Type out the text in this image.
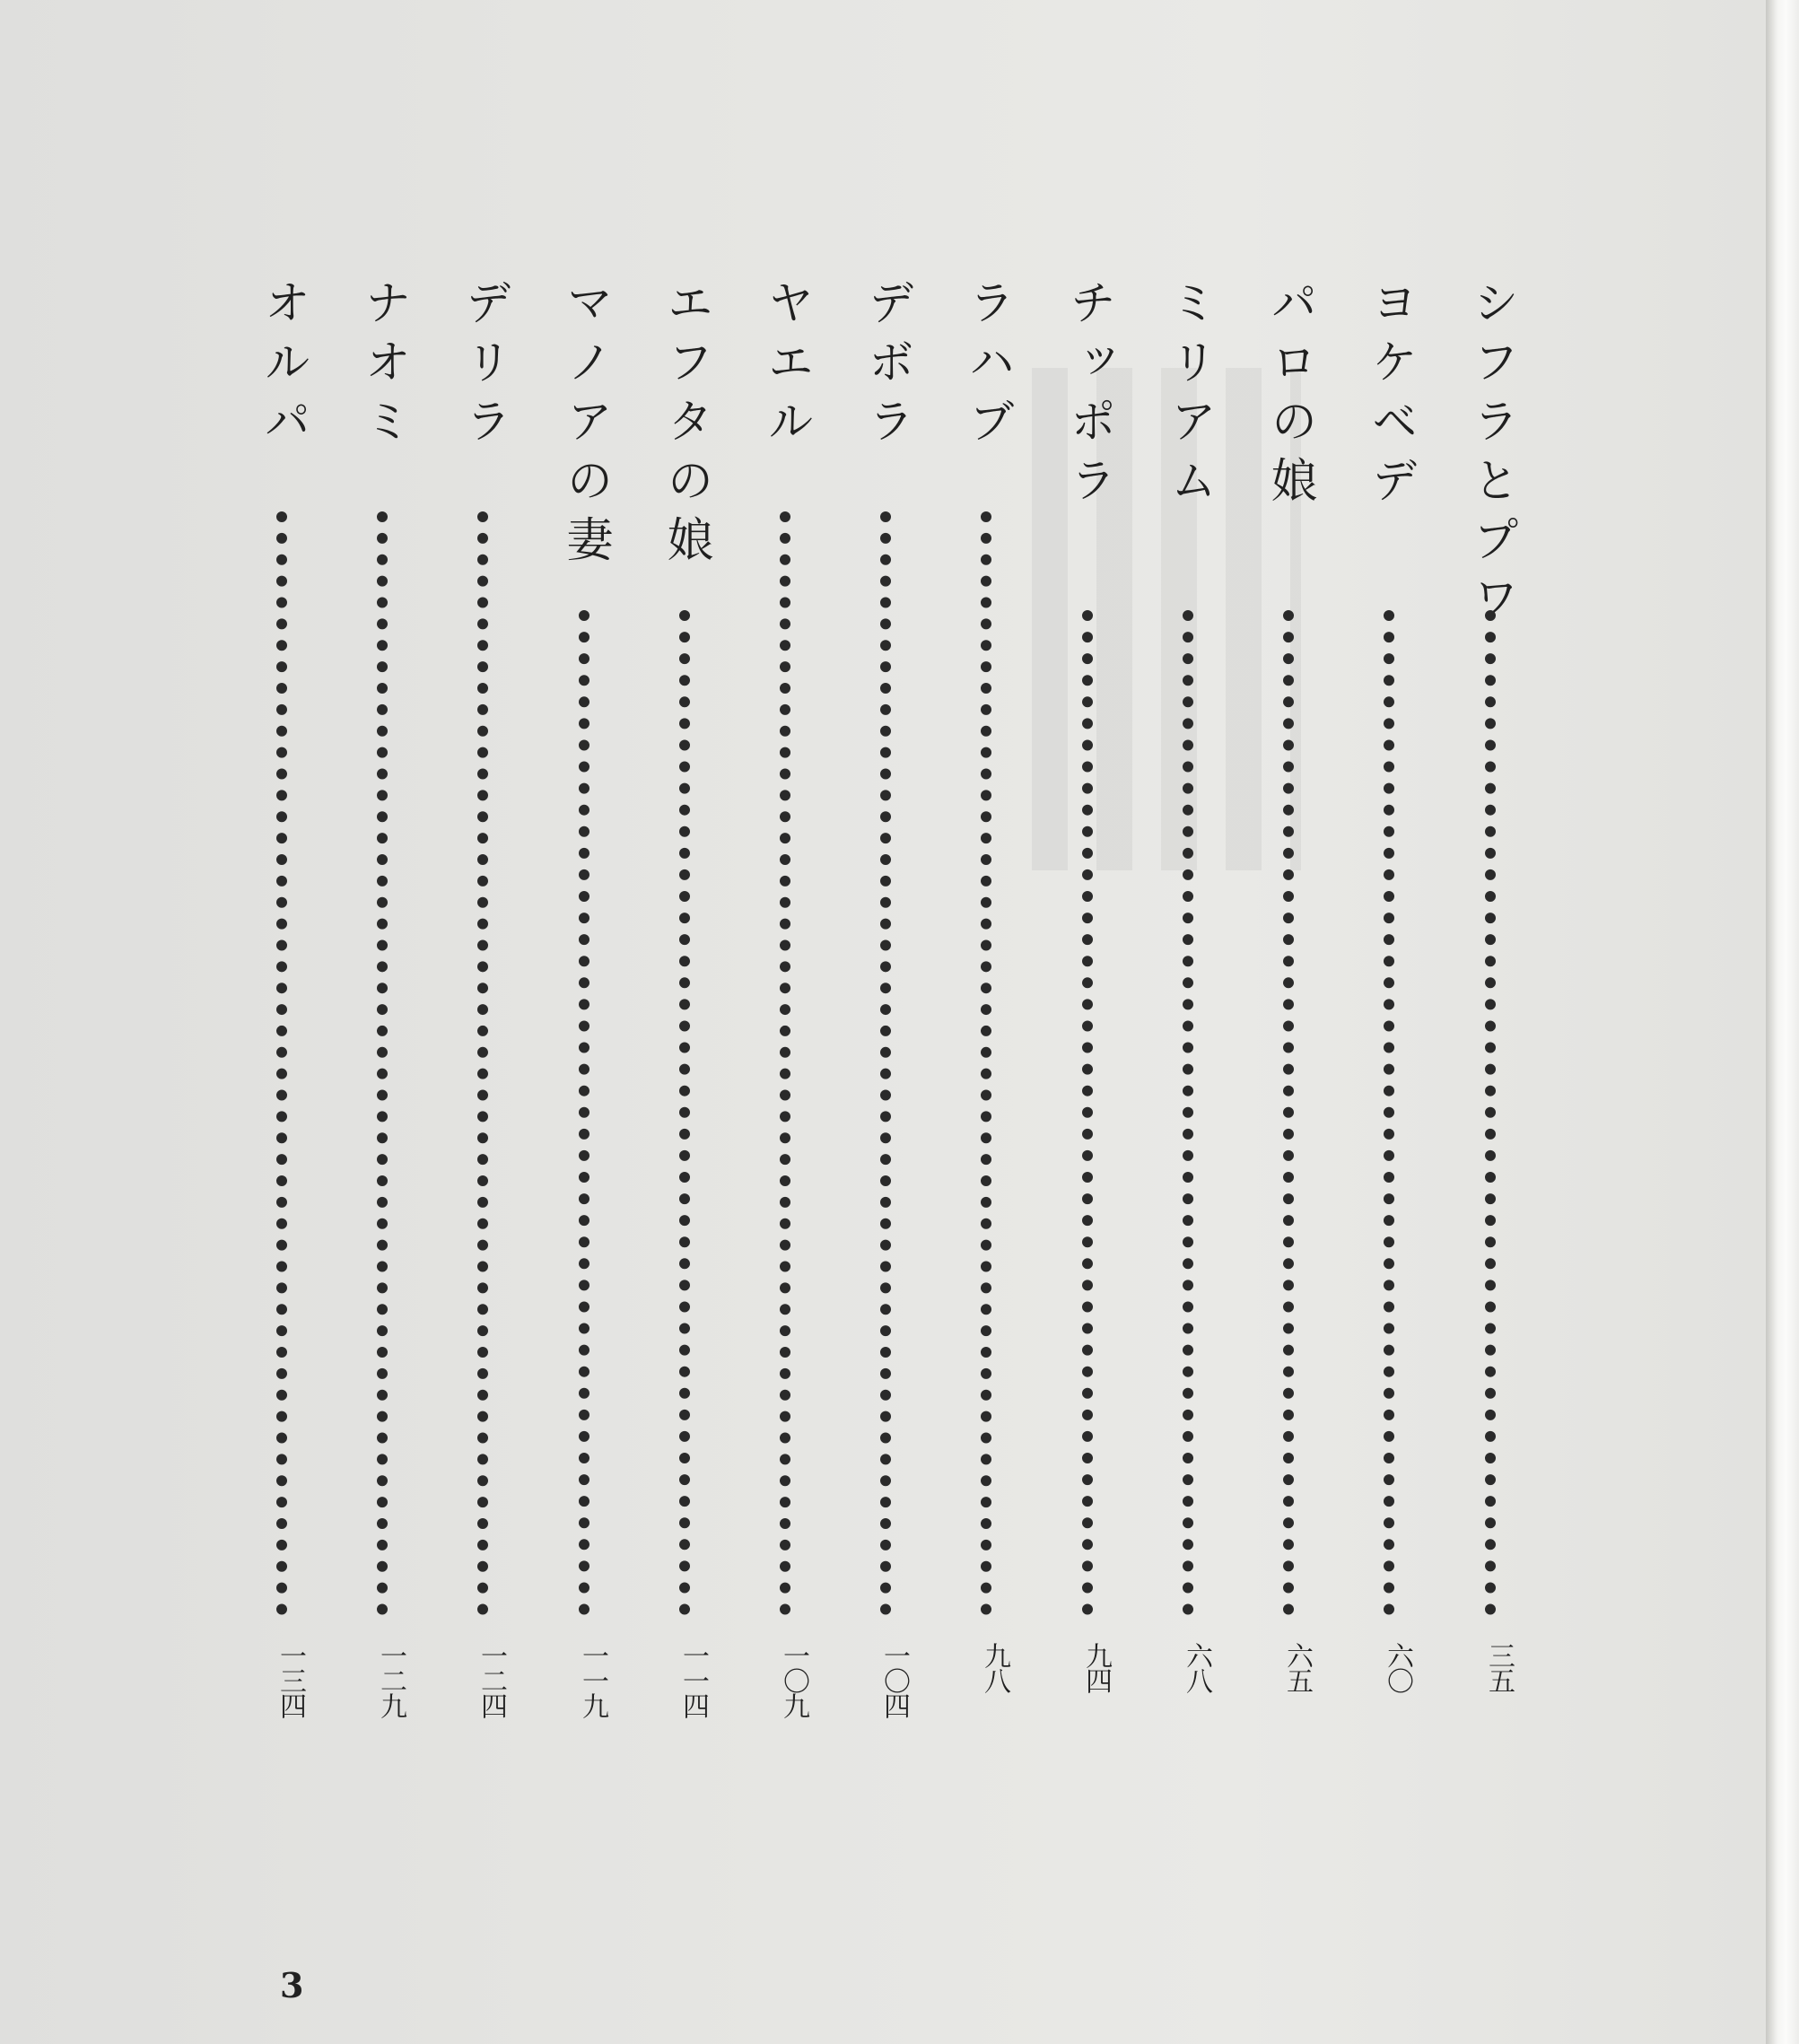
シフラとプワ
三五
ヨケベデ
六〇
パロの娘
六五
ミリアム
六八
チッポラ
九四
ラハブ
九八
デボラ
一〇四
ヤエル
一〇九
エフタの娘
一一四
マノアの妻
一一九
デリラ
一二四
ナオミ
一二九
オルパ
一三四
3
